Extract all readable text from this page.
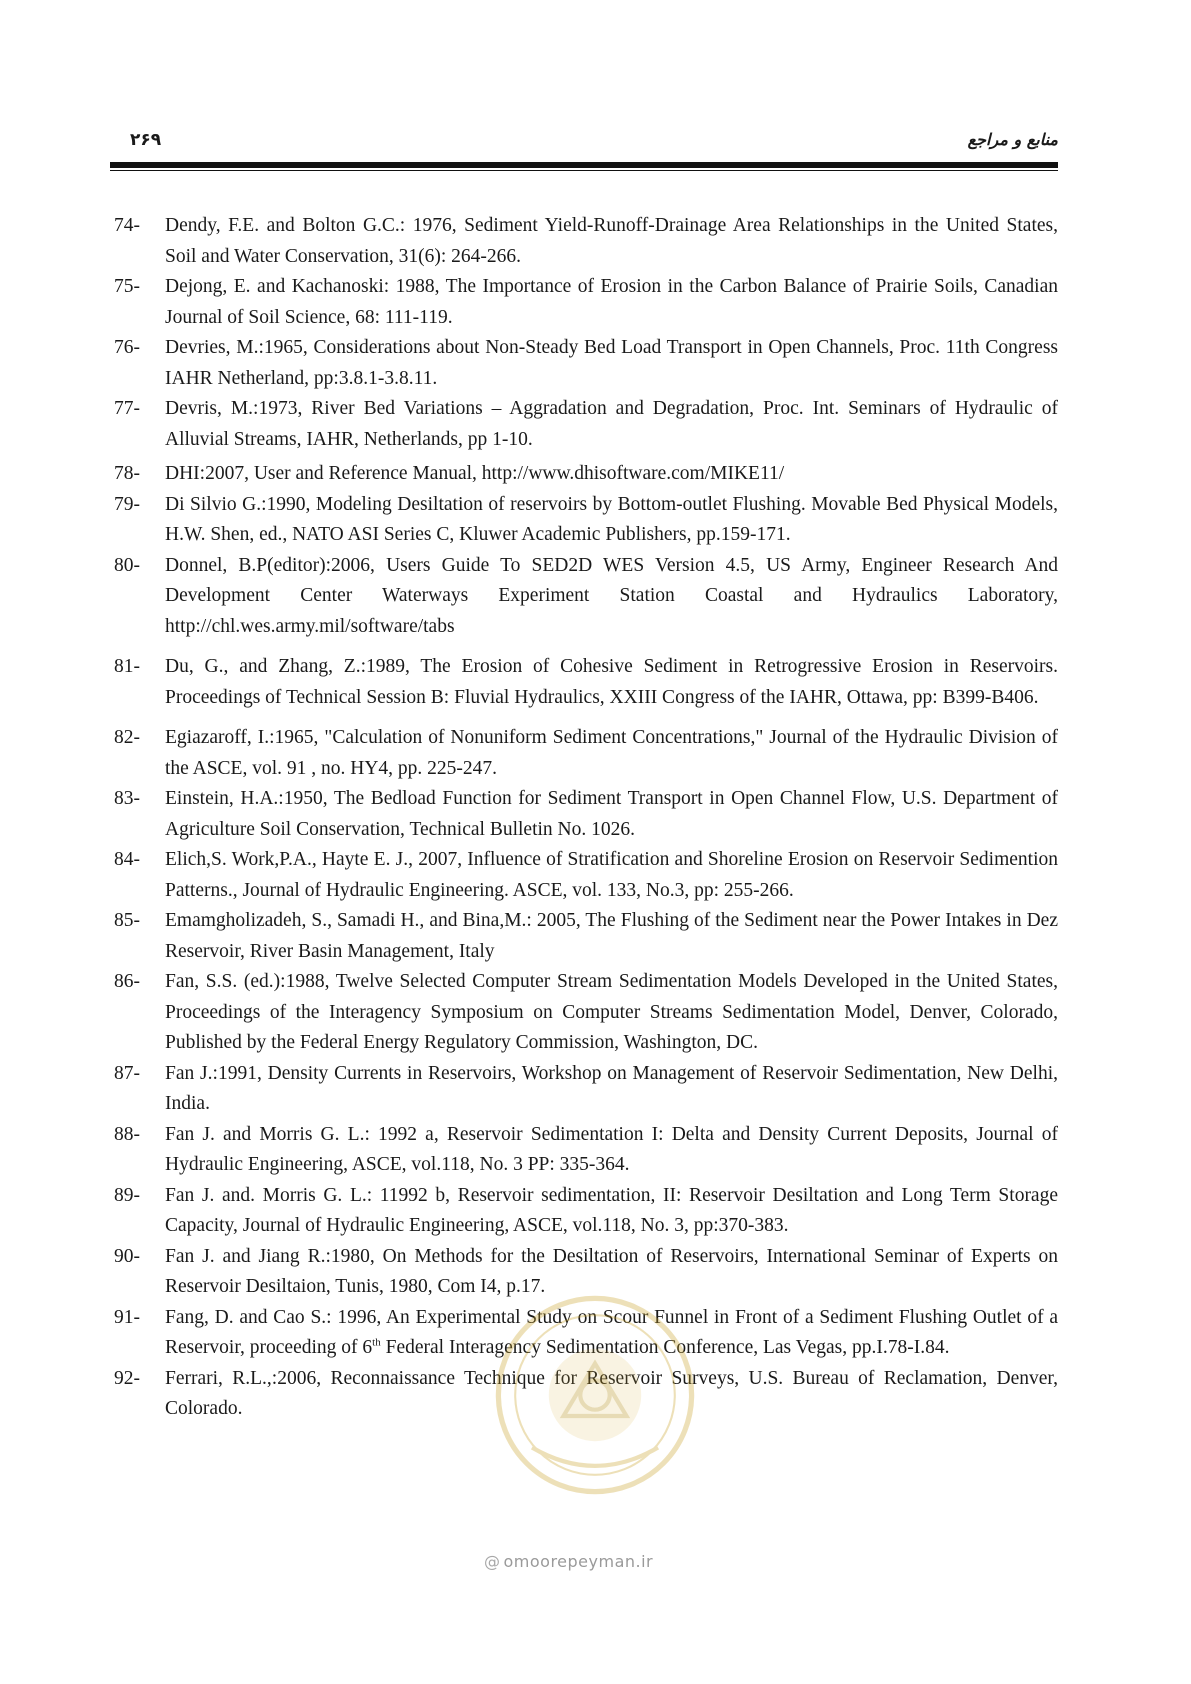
۲۶۹	منابع و مراجع
74- Dendy, F.E. and Bolton G.C.: 1976, Sediment Yield-Runoff-Drainage Area Relationships in the United States, Soil and Water Conservation, 31(6): 264-266.
75- Dejong, E. and Kachanoski: 1988, The Importance of Erosion in the Carbon Balance of Prairie Soils, Canadian Journal of Soil Science, 68: 111-119.
76- Devries, M.:1965, Considerations about Non-Steady Bed Load Transport in Open Channels, Proc. 11th Congress IAHR Netherland, pp:3.8.1-3.8.11.
77- Devris, M.:1973, River Bed Variations – Aggradation and Degradation, Proc. Int. Seminars of Hydraulic of Alluvial Streams, IAHR, Netherlands, pp 1-10.
78- DHI:2007, User and Reference Manual, http://www.dhisoftware.com/MIKE11/
79- Di Silvio G.:1990, Modeling Desiltation of reservoirs by Bottom-outlet Flushing. Movable Bed Physical Models, H.W. Shen, ed., NATO ASI Series C, Kluwer Academic Publishers, pp.159-171.
80- Donnel, B.P(editor):2006, Users Guide To SED2D WES Version 4.5, US Army, Engineer Research And Development Center Waterways Experiment Station Coastal and Hydraulics Laboratory, http://chl.wes.army.mil/software/tabs
81- Du, G., and Zhang, Z.:1989, The Erosion of Cohesive Sediment in Retrogressive Erosion in Reservoirs. Proceedings of Technical Session B: Fluvial Hydraulics, XXIII Congress of the IAHR, Ottawa, pp: B399-B406.
82- Egiazaroff, I.:1965, "Calculation of Nonuniform Sediment Concentrations," Journal of the Hydraulic Division of the ASCE, vol. 91 , no. HY4, pp. 225-247.
83- Einstein, H.A.:1950, The Bedload Function for Sediment Transport in Open Channel Flow, U.S. Department of Agriculture Soil Conservation, Technical Bulletin No. 1026.
84- Elich,S. Work,P.A., Hayte E. J., 2007, Influence of Stratification and Shoreline Erosion on Reservoir Sedimention Patterns., Journal of Hydraulic Engineering. ASCE, vol. 133, No.3, pp: 255-266.
85- Emamgholizadeh, S., Samadi H., and Bina,M.: 2005, The Flushing of the Sediment near the Power Intakes in Dez Reservoir, River Basin Management, Italy
86- Fan, S.S. (ed.):1988, Twelve Selected Computer Stream Sedimentation Models Developed in the United States, Proceedings of the Interagency Symposium on Computer Streams Sedimentation Model, Denver, Colorado, Published by the Federal Energy Regulatory Commission, Washington, DC.
87- Fan J.:1991, Density Currents in Reservoirs, Workshop on Management of Reservoir Sedimentation, New Delhi, India.
88- Fan J. and Morris G. L.: 1992 a, Reservoir Sedimentation I: Delta and Density Current Deposits, Journal of Hydraulic Engineering, ASCE, vol.118, No. 3 PP: 335-364.
89- Fan J. and. Morris G. L.: 11992 b, Reservoir sedimentation, II: Reservoir Desiltation and Long Term Storage Capacity, Journal of Hydraulic Engineering, ASCE, vol.118, No. 3, pp:370-383.
90- Fan J. and Jiang R.:1980, On Methods for the Desiltation of Reservoirs, International Seminar of Experts on Reservoir Desiltaion, Tunis, 1980, Com I4, p.17.
91- Fang, D. and Cao S.: 1996, An Experimental Study on Scour Funnel in Front of a Sediment Flushing Outlet of a Reservoir, proceeding of 6th Federal Interagency Sedimentation Conference, Las Vegas, pp.I.78-I.84.
92- Ferrari, R.L.,:2006, Reconnaissance Technique for Reservoir Surveys, U.S. Bureau of Reclamation, Denver, Colorado.
@ omoorepeyman.ir
